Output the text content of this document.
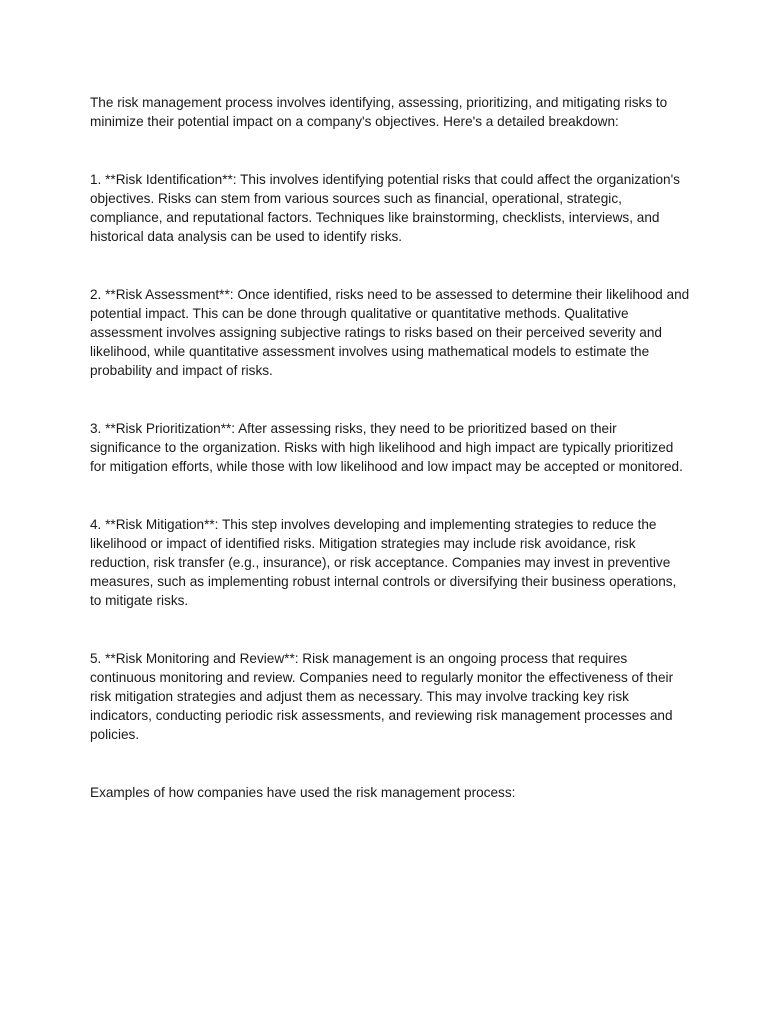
The risk management process involves identifying, assessing, prioritizing, and mitigating risks to minimize their potential impact on a company's objectives. Here's a detailed breakdown:

1. **Risk Identification**: This involves identifying potential risks that could affect the organization's objectives. Risks can stem from various sources such as financial, operational, strategic, compliance, and reputational factors. Techniques like brainstorming, checklists, interviews, and historical data analysis can be used to identify risks.

2. **Risk Assessment**: Once identified, risks need to be assessed to determine their likelihood and potential impact. This can be done through qualitative or quantitative methods. Qualitative assessment involves assigning subjective ratings to risks based on their perceived severity and likelihood, while quantitative assessment involves using mathematical models to estimate the probability and impact of risks.

3. **Risk Prioritization**: After assessing risks, they need to be prioritized based on their significance to the organization. Risks with high likelihood and high impact are typically prioritized for mitigation efforts, while those with low likelihood and low impact may be accepted or monitored.

4. **Risk Mitigation**: This step involves developing and implementing strategies to reduce the likelihood or impact of identified risks. Mitigation strategies may include risk avoidance, risk reduction, risk transfer (e.g., insurance), or risk acceptance. Companies may invest in preventive measures, such as implementing robust internal controls or diversifying their business operations, to mitigate risks.

5. **Risk Monitoring and Review**: Risk management is an ongoing process that requires continuous monitoring and review. Companies need to regularly monitor the effectiveness of their risk mitigation strategies and adjust them as necessary. This may involve tracking key risk indicators, conducting periodic risk assessments, and reviewing risk management processes and policies.

Examples of how companies have used the risk management process:
